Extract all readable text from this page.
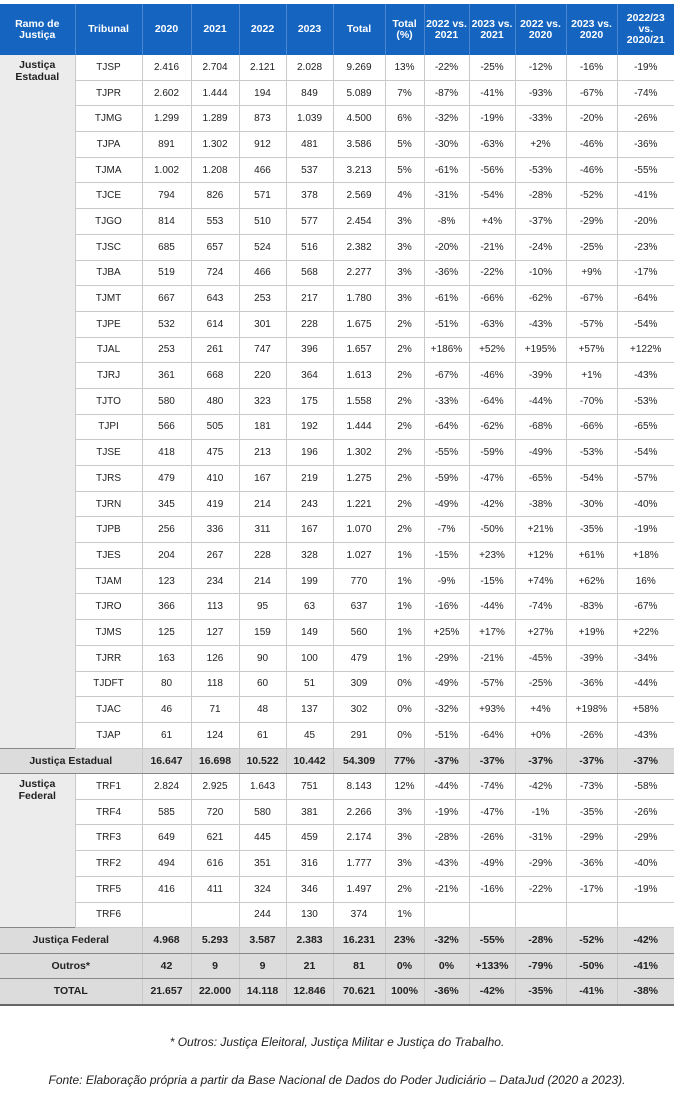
Ramo de Justiça	Tribunal	2020	2021	2022	2023	Total	Total (%)	2022 vs. 2021	2023 vs. 2021	2022 vs. 2020	2023 vs. 2020	2022/23 vs. 2020/21
Justiça Estadual	TJSP	2.416	2.704	2.121	2.028	9.269	13%	-22%	-25%	-12%	-16%	-19%
	TJPR	2.602	1.444	194	849	5.089	7%	-87%	-41%	-93%	-67%	-74%
	TJMG	1.299	1.289	873	1.039	4.500	6%	-32%	-19%	-33%	-20%	-26%
	TJPA	891	1.302	912	481	3.586	5%	-30%	-63%	+2%	-46%	-36%
	TJMA	1.002	1.208	466	537	3.213	5%	-61%	-56%	-53%	-46%	-55%
	TJCE	794	826	571	378	2.569	4%	-31%	-54%	-28%	-52%	-41%
	TJGO	814	553	510	577	2.454	3%	-8%	+4%	-37%	-29%	-20%
	TJSC	685	657	524	516	2.382	3%	-20%	-21%	-24%	-25%	-23%
	TJBA	519	724	466	568	2.277	3%	-36%	-22%	-10%	+9%	-17%
	TJMT	667	643	253	217	1.780	3%	-61%	-66%	-62%	-67%	-64%
	TJPE	532	614	301	228	1.675	2%	-51%	-63%	-43%	-57%	-54%
	TJAL	253	261	747	396	1.657	2%	+186%	+52%	+195%	+57%	+122%
	TJRJ	361	668	220	364	1.613	2%	-67%	-46%	-39%	+1%	-43%
	TJTO	580	480	323	175	1.558	2%	-33%	-64%	-44%	-70%	-53%
	TJPI	566	505	181	192	1.444	2%	-64%	-62%	-68%	-66%	-65%
	TJSE	418	475	213	196	1.302	2%	-55%	-59%	-49%	-53%	-54%
	TJRS	479	410	167	219	1.275	2%	-59%	-47%	-65%	-54%	-57%
	TJRN	345	419	214	243	1.221	2%	-49%	-42%	-38%	-30%	-40%
	TJPB	256	336	311	167	1.070	2%	-7%	-50%	+21%	-35%	-19%
	TJES	204	267	228	328	1.027	1%	-15%	+23%	+12%	+61%	+18%
	TJAM	123	234	214	199	770	1%	-9%	-15%	+74%	+62%	16%
	TJRO	366	113	95	63	637	1%	-16%	-44%	-74%	-83%	-67%
	TJMS	125	127	159	149	560	1%	+25%	+17%	+27%	+19%	+22%
	TJRR	163	126	90	100	479	1%	-29%	-21%	-45%	-39%	-34%
	TJDFT	80	118	60	51	309	0%	-49%	-57%	-25%	-36%	-44%
	TJAC	46	71	48	137	302	0%	-32%	+93%	+4%	+198%	+58%
	TJAP	61	124	61	45	291	0%	-51%	-64%	+0%	-26%	-43%
Justiça Estadual		16.647	16.698	10.522	10.442	54.309	77%	-37%	-37%	-37%	-37%	-37%
Justiça Federal	TRF1	2.824	2.925	1.643	751	8.143	12%	-44%	-74%	-42%	-73%	-58%
	TRF4	585	720	580	381	2.266	3%	-19%	-47%	-1%	-35%	-26%
	TRF3	649	621	445	459	2.174	3%	-28%	-26%	-31%	-29%	-29%
	TRF2	494	616	351	316	1.777	3%	-43%	-49%	-29%	-36%	-40%
	TRF5	416	411	324	346	1.497	2%	-21%	-16%	-22%	-17%	-19%
	TRF6			244	130	374	1%					
Justiça Federal		4.968	5.293	3.587	2.383	16.231	23%	-32%	-55%	-28%	-52%	-42%
Outros*		42	9	9	21	81	0%	0%	+133%	-79%	-50%	-41%
TOTAL		21.657	22.000	14.118	12.846	70.621	100%	-36%	-42%	-35%	-41%	-38%
* Outros: Justiça Eleitoral, Justiça Militar e Justiça do Trabalho.
Fonte: Elaboração própria a partir da Base Nacional de Dados do Poder Judiciário – DataJud (2020 a 2023).
